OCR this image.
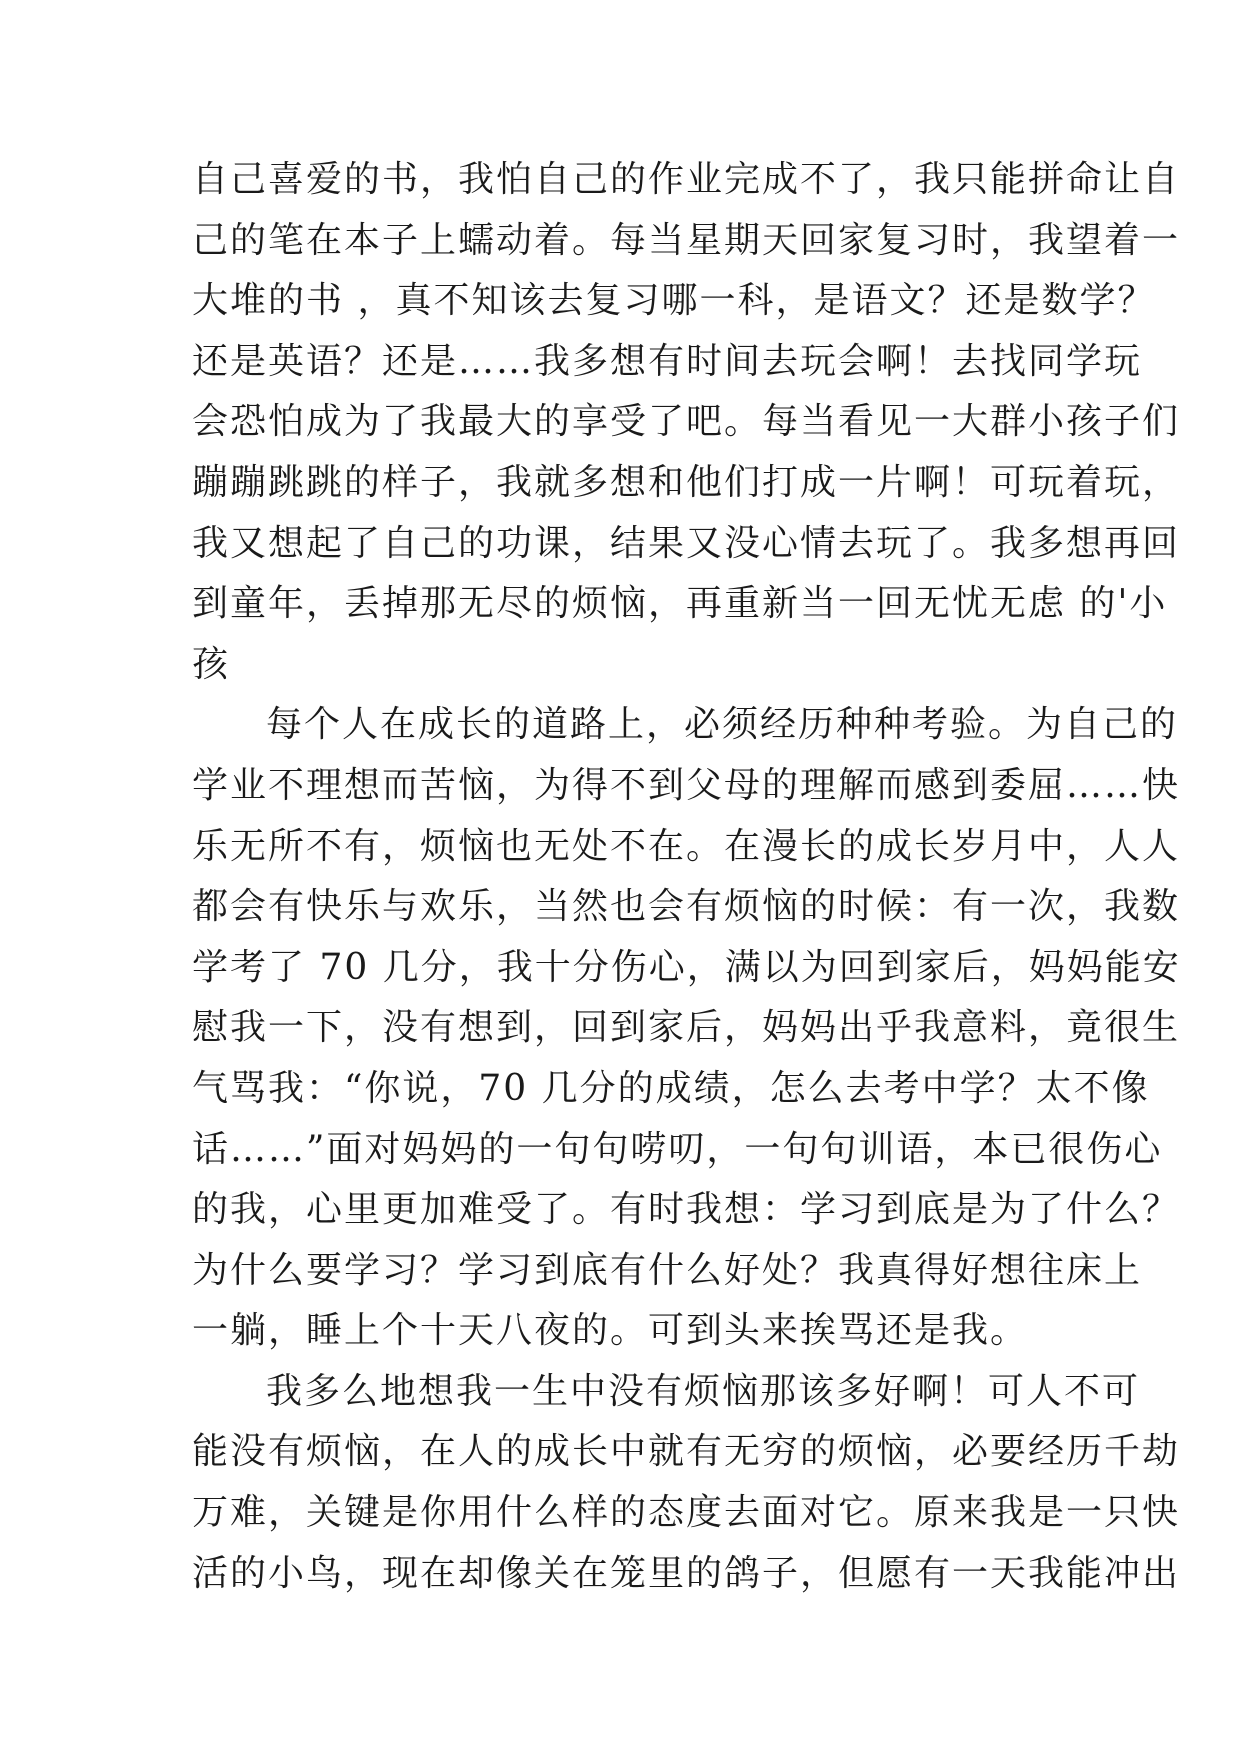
自己喜爱的书，我怕自己的作业完成不了，我只能拼命让自
己的笔在本子上蠕动着。每当星期天回家复习时，我望着一
大堆的书 ，真不知该去复习哪一科，是语文？还是数学？
还是英语？还是……我多想有时间去玩会啊！去找同学玩
会恐怕成为了我最大的享受了吧。每当看见一大群小孩子们
蹦蹦跳跳的样子，我就多想和他们打成一片啊！可玩着玩，
我又想起了自己的功课，结果又没心情去玩了。我多想再回
到童年，丢掉那无尽的烦恼，再重新当一回无忧无虑 的'小
孩
每个人在成长的道路上，必须经历种种考验。为自己的
学业不理想而苦恼，为得不到父母的理解而感到委屈……快
乐无所不有，烦恼也无处不在。在漫长的成长岁月中，人人
都会有快乐与欢乐，当然也会有烦恼的时候：有一次，我数
学考了 70 几分，我十分伤心，满以为回到家后，妈妈能安
慰我一下，没有想到，回到家后，妈妈出乎我意料，竟很生
气骂我：“你说，70 几分的成绩，怎么去考中学？太不像
话……”面对妈妈的一句句唠叨，一句句训语，本已很伤心
的我，心里更加难受了。有时我想：学习到底是为了什么？
为什么要学习？学习到底有什么好处？我真得好想往床上
一躺，睡上个十天八夜的。可到头来挨骂还是我。
我多么地想我一生中没有烦恼那该多好啊！可人不可
能没有烦恼，在人的成长中就有无穷的烦恼，必要经历千劫
万难，关键是你用什么样的态度去面对它。原来我是一只快
活的小鸟，现在却像关在笼里的鸽子，但愿有一天我能冲出
